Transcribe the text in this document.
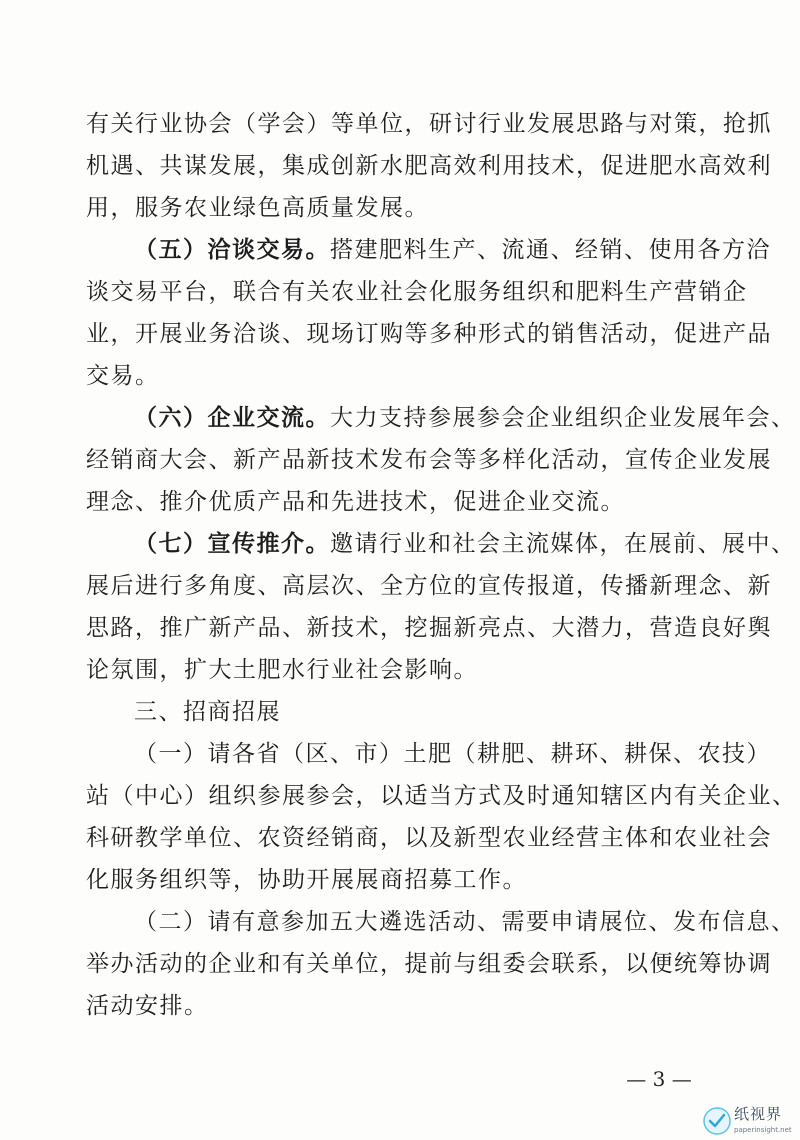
有关行业协会（学会）等单位，研讨行业发展思路与对策，抢抓
机遇、共谋发展，集成创新水肥高效利用技术，促进肥水高效利
用，服务农业绿色高质量发展。
（五）洽谈交易。搭建肥料生产、流通、经销、使用各方洽
谈交易平台，联合有关农业社会化服务组织和肥料生产营销企
业，开展业务洽谈、现场订购等多种形式的销售活动，促进产品
交易。
（六）企业交流。大力支持参展参会企业组织企业发展年会、
经销商大会、新产品新技术发布会等多样化活动，宣传企业发展
理念、推介优质产品和先进技术，促进企业交流。
（七）宣传推介。邀请行业和社会主流媒体，在展前、展中、
展后进行多角度、高层次、全方位的宣传报道，传播新理念、新
思路，推广新产品、新技术，挖掘新亮点、大潜力，营造良好舆
论氛围，扩大土肥水行业社会影响。
三、招商招展
（一）请各省（区、市）土肥（耕肥、耕环、耕保、农技）
站（中心）组织参展参会，以适当方式及时通知辖区内有关企业、
科研教学单位、农资经销商，以及新型农业经营主体和农业社会
化服务组织等，协助开展展商招募工作。
（二）请有意参加五大遴选活动、需要申请展位、发布信息、
举办活动的企业和有关单位，提前与组委会联系，以便统筹协调
活动安排。
— 3 —
纸视界
paperinsight.net
